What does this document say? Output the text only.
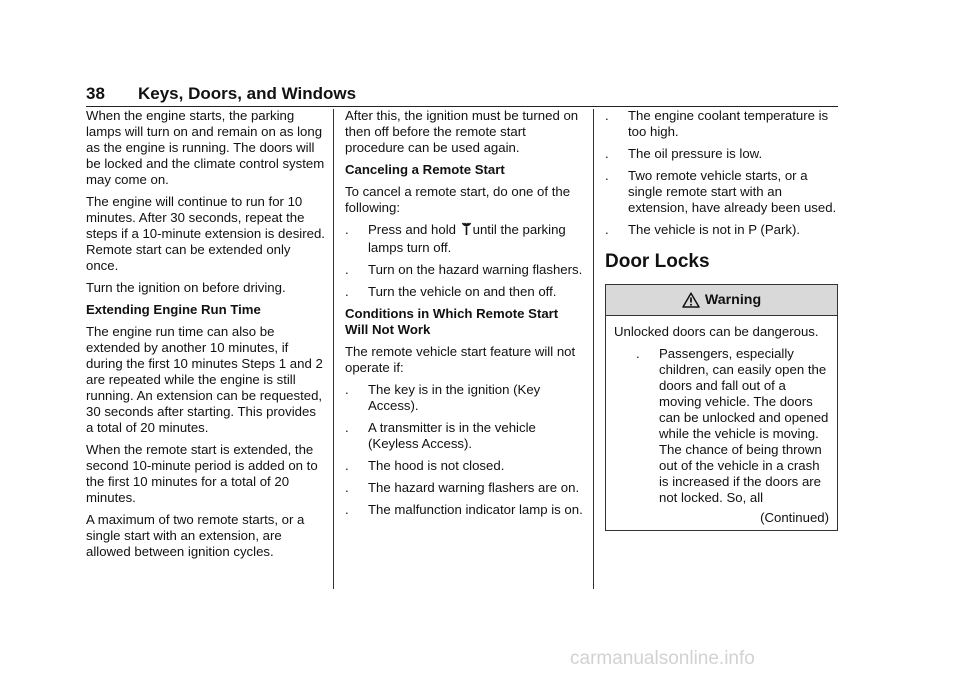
38 Keys, Doors, and Windows

When the engine starts, the parking lamps will turn on and remain on as long as the engine is running. The doors will be locked and the climate control system may come on.

The engine will continue to run for 10 minutes. After 30 seconds, repeat the steps if a 10-minute extension is desired. Remote start can be extended only once.

Turn the ignition on before driving.

Extending Engine Run Time

The engine run time can also be extended by another 10 minutes, if during the first 10 minutes Steps 1 and 2 are repeated while the engine is still running. An extension can be requested, 30 seconds after starting. This provides a total of 20 minutes.

When the remote start is extended, the second 10-minute period is added on to the first 10 minutes for a total of 20 minutes.

A maximum of two remote starts, or a single start with an extension, are allowed between ignition cycles.

After this, the ignition must be turned on then off before the remote start procedure can be used again.

Canceling a Remote Start

To cancel a remote start, do one of the following:

.	Press and hold until the parking lamps turn off.
.	Turn on the hazard warning flashers.
.	Turn the vehicle on and then off.

Conditions in Which Remote Start Will Not Work

The remote vehicle start feature will not operate if:

.	The key is in the ignition (Key Access).
.	A transmitter is in the vehicle (Keyless Access).
.	The hood is not closed.
.	The hazard warning flashers are on.
.	The malfunction indicator lamp is on.
.	The engine coolant temperature is too high.
.	The oil pressure is low.
.	Two remote vehicle starts, or a single remote start with an extension, have already been used.
.	The vehicle is not in P (Park).
Door Locks
Warning

Unlocked doors can be dangerous.

.	Passengers, especially children, can easily open the doors and fall out of a moving vehicle. The doors can be unlocked and opened while the vehicle is moving. The chance of being thrown out of the vehicle in a crash is increased if the doors are not locked. So, all
(Continued)
carmanualsonline.info
